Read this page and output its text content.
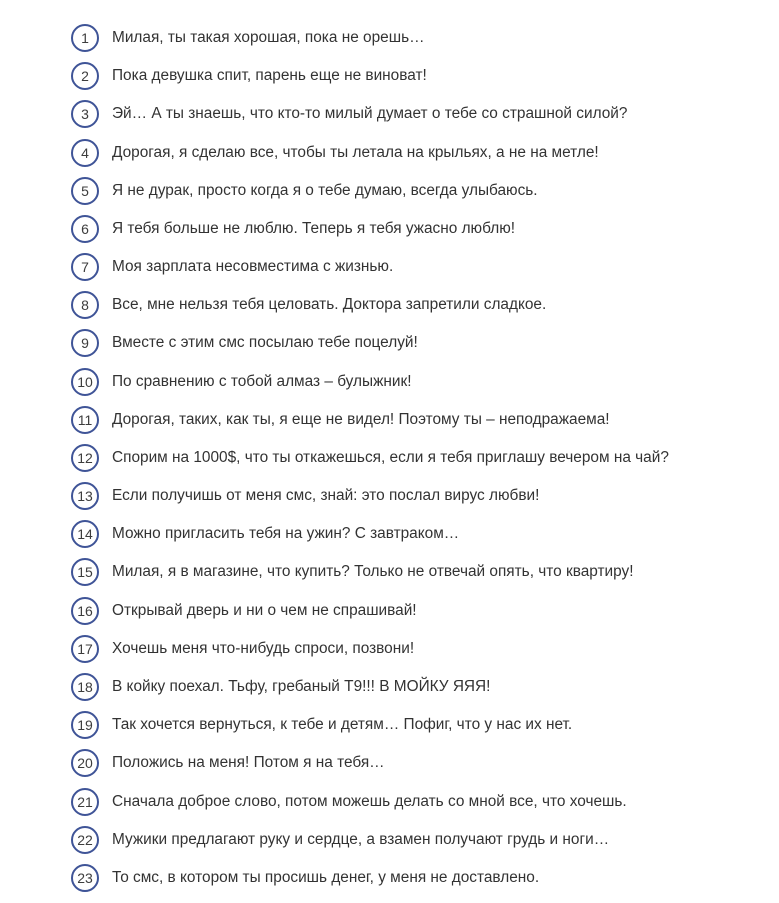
1	Милая, ты такая хорошая, пока не орешь…
2	Пока девушка спит, парень еще не виноват!
3	Эй… А ты знаешь, что кто-то милый думает о тебе со страшной силой?
4	Дорогая, я сделаю все, чтобы ты летала на крыльях, а не на метле!
5	Я не дурак, просто когда я о тебе думаю, всегда улыбаюсь.
6	Я тебя больше не люблю. Теперь я тебя ужасно люблю!
7	Моя зарплата несовместима с жизнью.
8	Все, мне нельзя тебя целовать. Доктора запретили сладкое.
9	Вместе с этим смс посылаю тебе поцелуй!
10	По сравнению с тобой алмаз – булыжник!
11	Дорогая, таких, как ты, я еще не видел! Поэтому ты – неподражаема!
12	Спорим на 1000$, что ты откажешься, если я тебя приглашу вечером на чай?
13	Если получишь от меня смс, знай: это послал вирус любви!
14	Можно пригласить тебя на ужин? С завтраком…
15	Милая, я в магазине, что купить? Только не отвечай опять, что квартиру!
16	Открывай дверь и ни о чем не спрашивай!
17	Хочешь меня что-нибудь спроси, позвони!
18	В койку поехал. Тьфу, гребаный Т9!!! В МОЙКУ ЯЯЯ!
19	Так хочется вернуться, к тебе и детям… Пофиг, что у нас их нет.
20	Положись на меня! Потом я на тебя…
21	Сначала доброе слово, потом можешь делать со мной все, что хочешь.
22	Мужики предлагают руку и сердце, а взамен получают грудь и ноги…
23	То смс, в котором ты просишь денег, у меня не доставлено.
